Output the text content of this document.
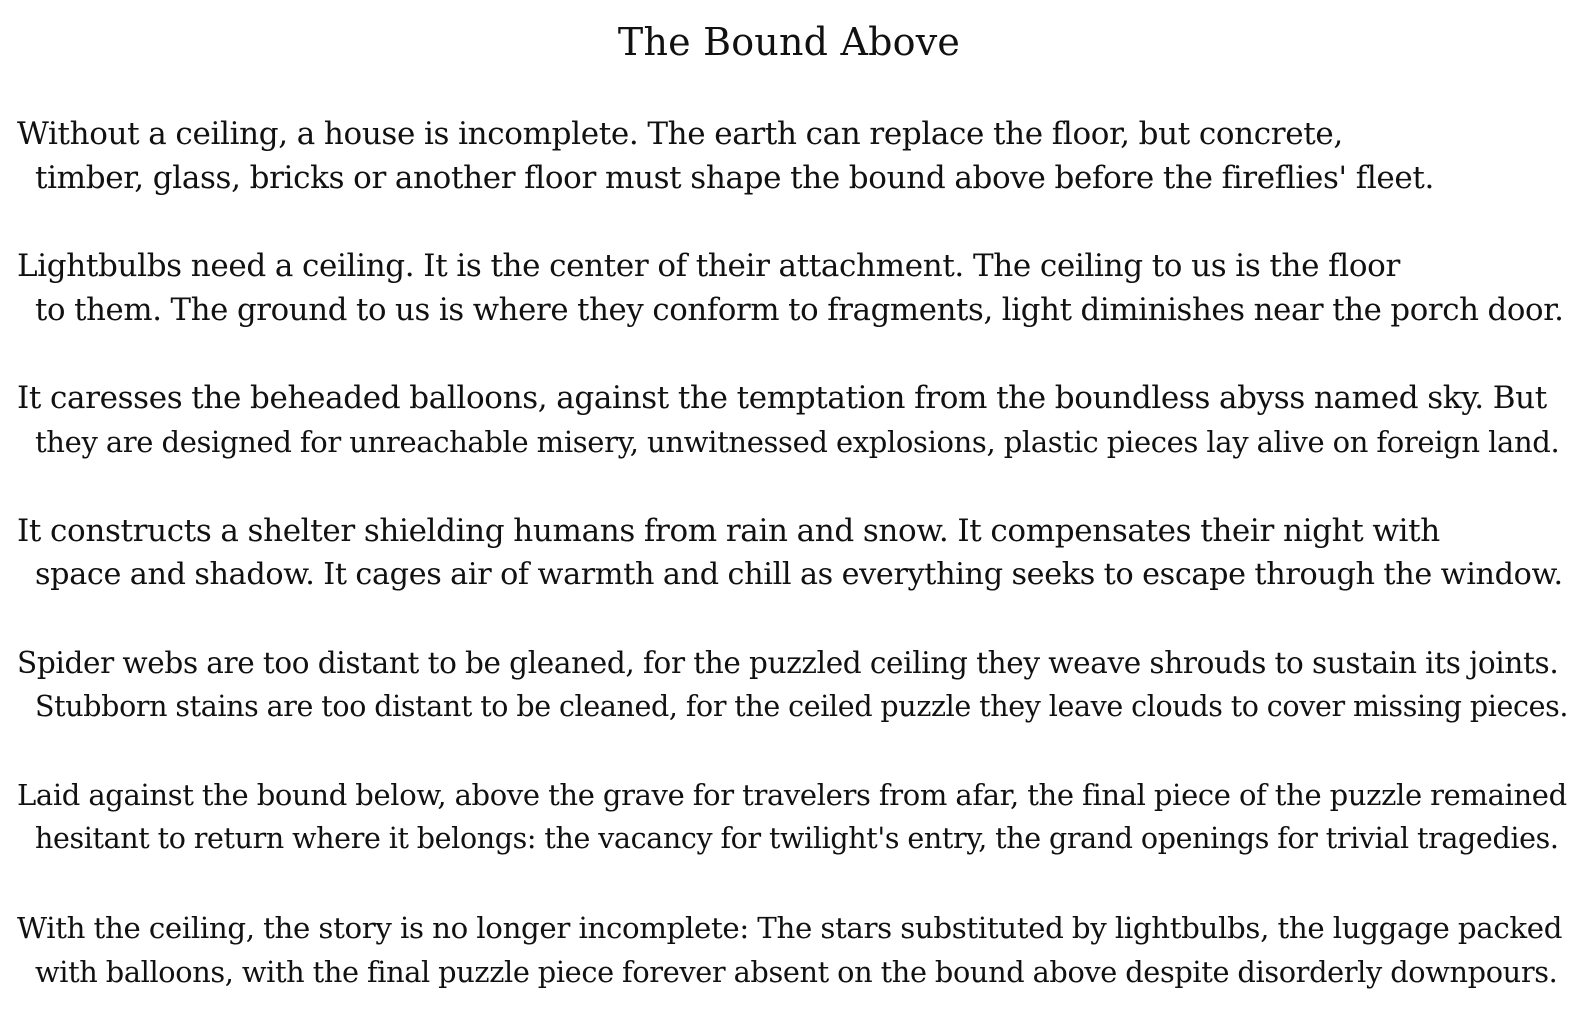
The Bound Above
Without a ceiling, a house is incomplete. The earth can replace the floor, but concrete,
timber, glass, bricks or another floor must shape the bound above before the fireflies' fleet.
Lightbulbs need a ceiling. It is the center of their attachment. The ceiling to us is the floor
to them. The ground to us is where they conform to fragments, light diminishes near the porch door.
It caresses the beheaded balloons, against the temptation from the boundless abyss named sky. But
they are designed for unreachable misery, unwitnessed explosions, plastic pieces lay alive on foreign land.
It constructs a shelter shielding humans from rain and snow. It compensates their night with
space and shadow. It cages air of warmth and chill as everything seeks to escape through the window.
Spider webs are too distant to be gleaned, for the puzzled ceiling they weave shrouds to sustain its joints.
Stubborn stains are too distant to be cleaned, for the ceiled puzzle they leave clouds to cover missing pieces.
Laid against the bound below, above the grave for travelers from afar, the final piece of the puzzle remained
hesitant to return where it belongs: the vacancy for twilight's entry, the grand openings for trivial tragedies.
With the ceiling, the story is no longer incomplete: The stars substituted by lightbulbs, the luggage packed
with balloons, with the final puzzle piece forever absent on the bound above despite disorderly downpours.
